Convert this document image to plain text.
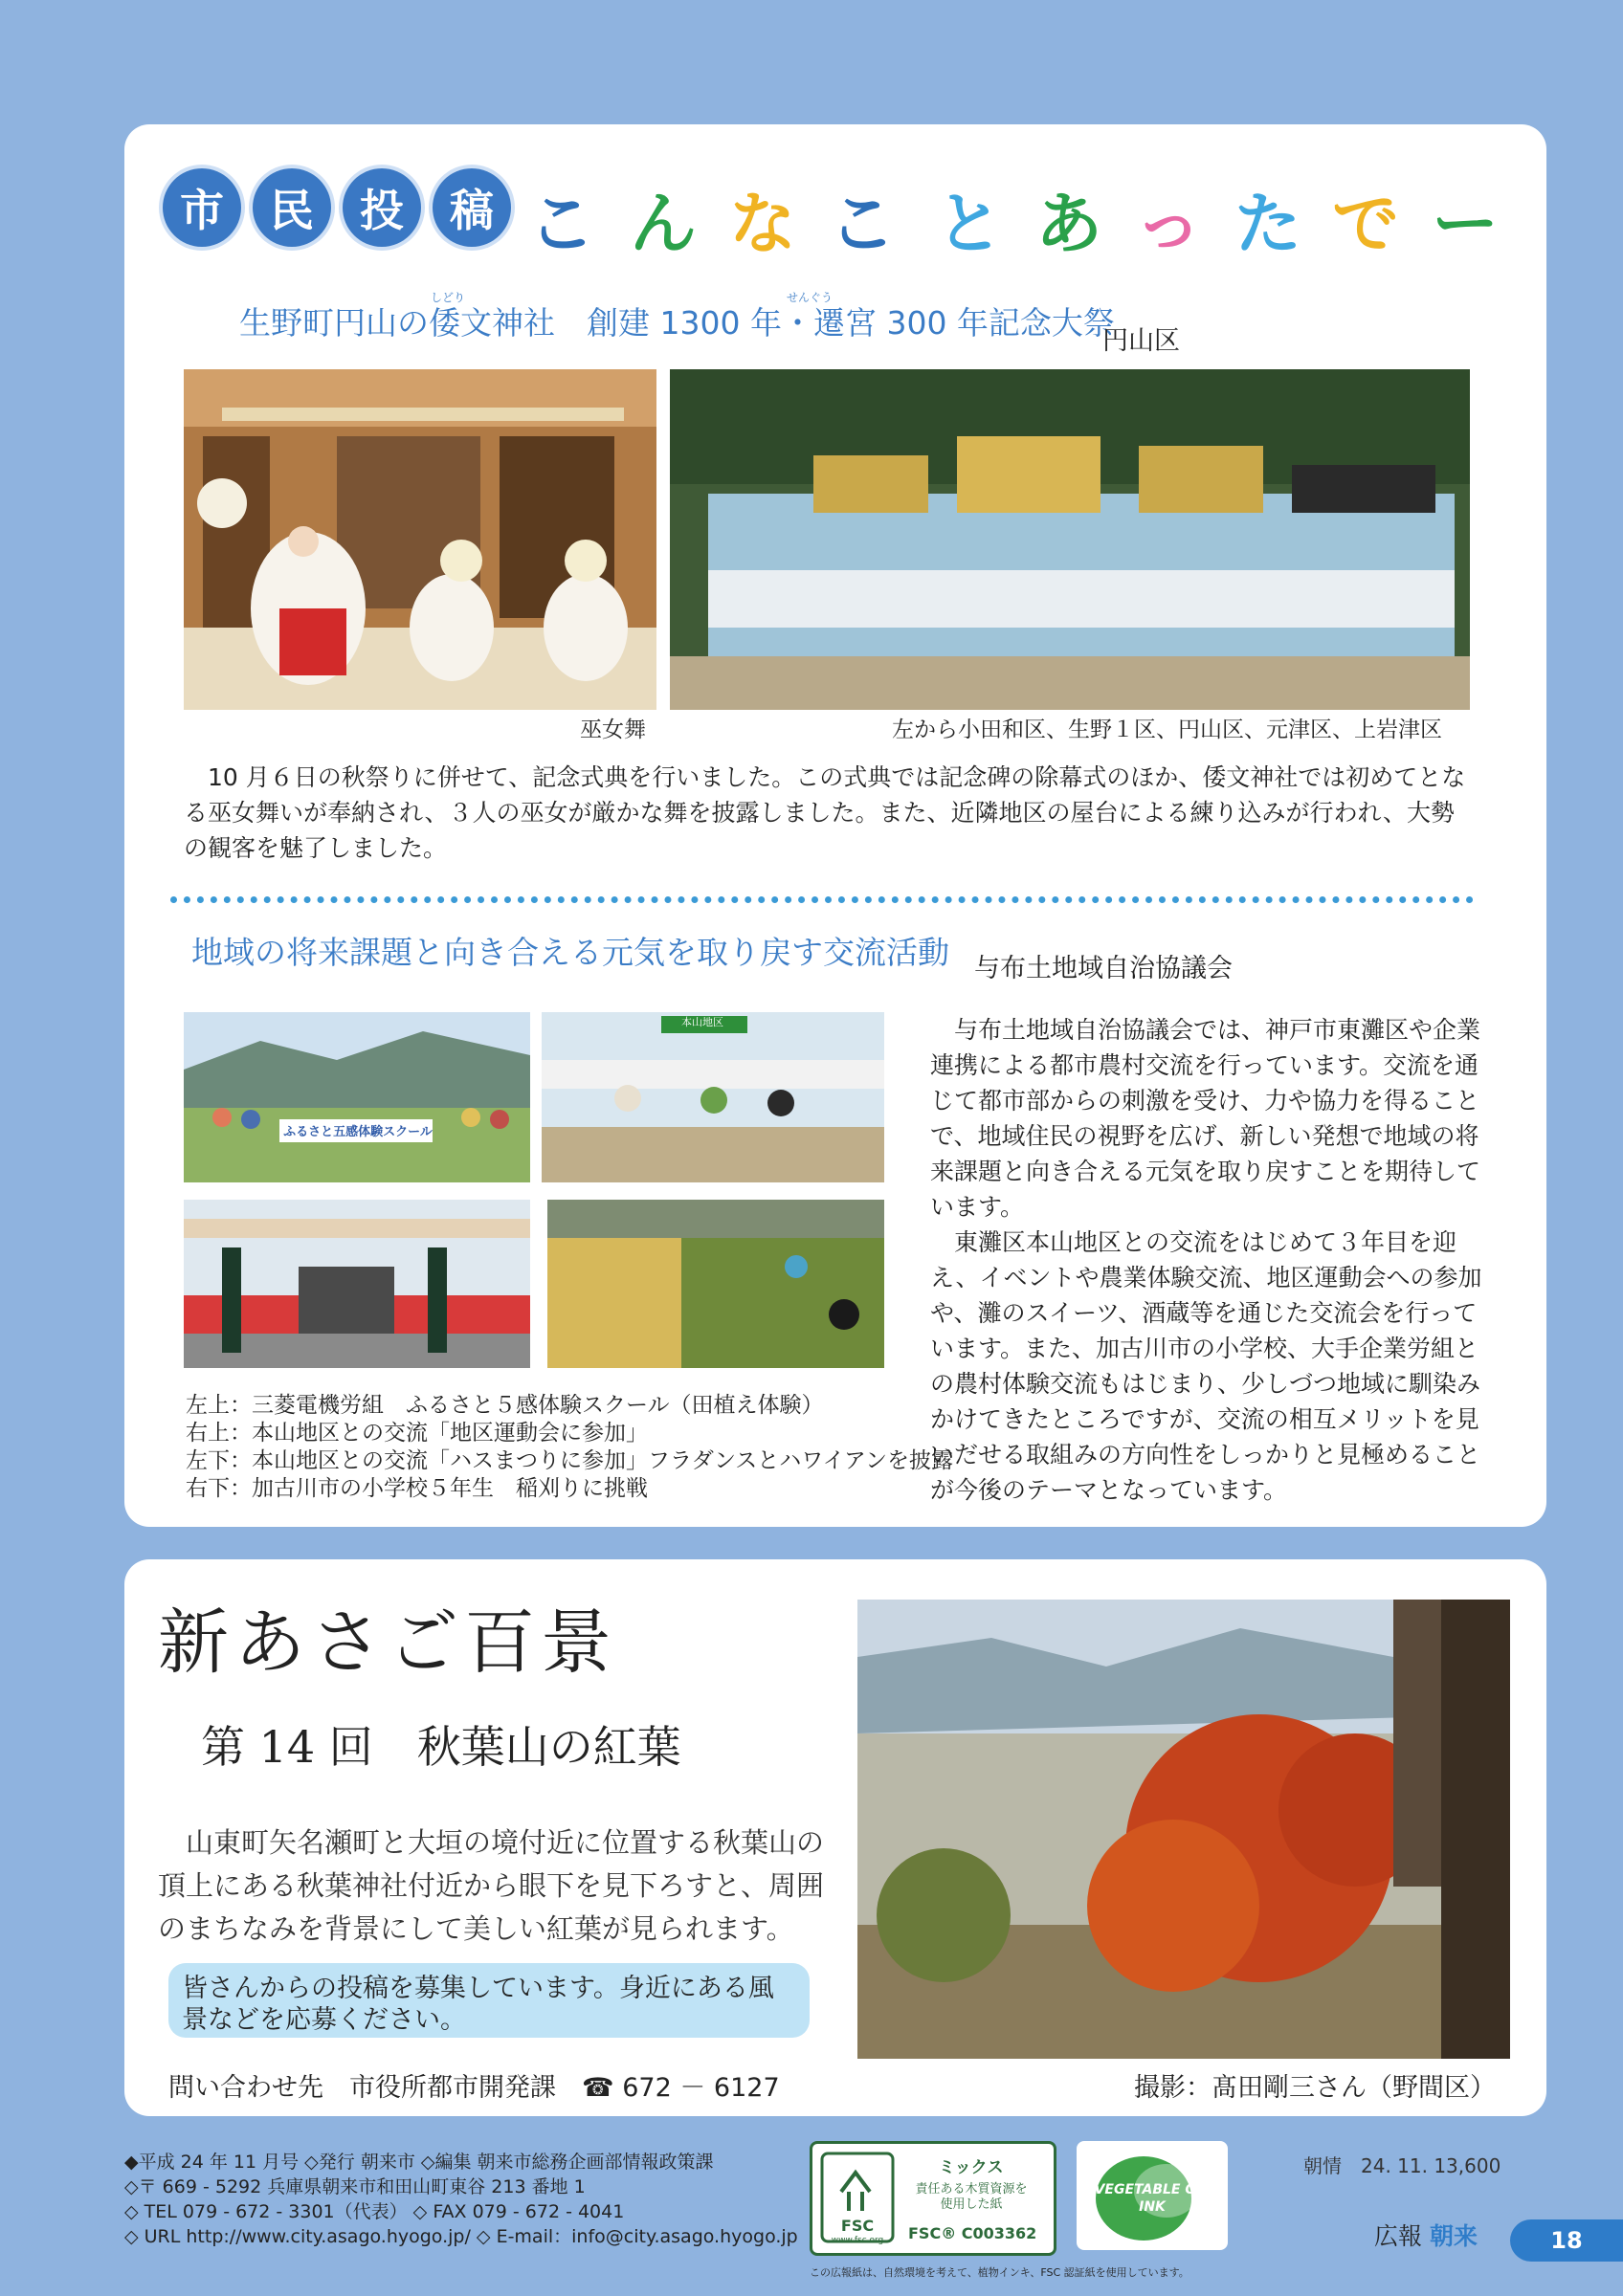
市	民	投	稿 こ ん な こ と あ っ た で ー
しどり	せんぐう
生野町円山の倭文神社　創建 1300 年・遷宮 300 年記念大祭
円山区
巫女舞	左から小田和区、生野１区、円山区、元津区、上岩津区
10 月６日の秋祭りに併せて、記念式典を行いました。この式典では記念碑の除幕式のほか、倭文神社では初めてとなる巫女舞いが奉納され、３人の巫女が厳かな舞を披露しました。また、近隣地区の屋台による練り込みが行われ、大勢の観客を魅了しました。
地域の将来課題と向き合える元気を取り戻す交流活動 与布土地域自治協議会
ふるさと五感体験スクール
本山地区
左上：三菱電機労組　ふるさと５感体験スクール（田植え体験）
右上：本山地区との交流「地区運動会に参加」
左下：本山地区との交流「ハスまつりに参加」フラダンスとハワイアンを披露
右下：加古川市の小学校５年生　稲刈りに挑戦
与布土地域自治協議会では、神戸市東灘区や企業連携による都市農村交流を行っています。交流を通じて都市部からの刺激を受け、力や協力を得ることで、地域住民の視野を広げ、新しい発想で地域の将来課題と向き合える元気を取り戻すことを期待しています。
東灘区本山地区との交流をはじめて３年目を迎え、イベントや農業体験交流、地区運動会への参加や、灘のスイーツ、酒蔵等を通じた交流会を行っています。また、加古川市の小学校、大手企業労組との農村体験交流もはじまり、少しづつ地域に馴染みかけてきたところですが、交流の相互メリットを見いだせる取組みの方向性をしっかりと見極めることが今後のテーマとなっています。
新あさご百景
第 14 回　秋葉山の紅葉
山東町矢名瀬町と大垣の境付近に位置する秋葉山の頂上にある秋葉神社付近から眼下を見下ろすと、周囲のまちなみを背景にして美しい紅葉が見られます。
皆さんからの投稿を募集しています。身近にある風景などを応募ください。
問い合わせ先　市役所都市開発課　☎ 672 － 6127	撮影：髙田剛三さん（野間区）
◆平成 24 年 11 月号 ◇発行 朝来市 ◇編集 朝来市総務企画部情報政策課
◇〒 669 - 5292 兵庫県朝来市和田山町東谷 213 番地 1
◇ TEL 079 - 672 - 3301（代表） ◇ FAX 079 - 672 - 4041
◇ URL http://www.city.asago.hyogo.jp/ ◇ E-mail：info@city.asago.hyogo.jp
FSC
www.fsc.org
ミックス
責任ある木質資源を使用した紙
FSC® C003362
VEGETABLE OIL INK
この広報紙は、自然環境を考えて、植物インキ、FSC 認証紙を使用しています。
朝情　24. 11. 13,600
広報 朝来	18
